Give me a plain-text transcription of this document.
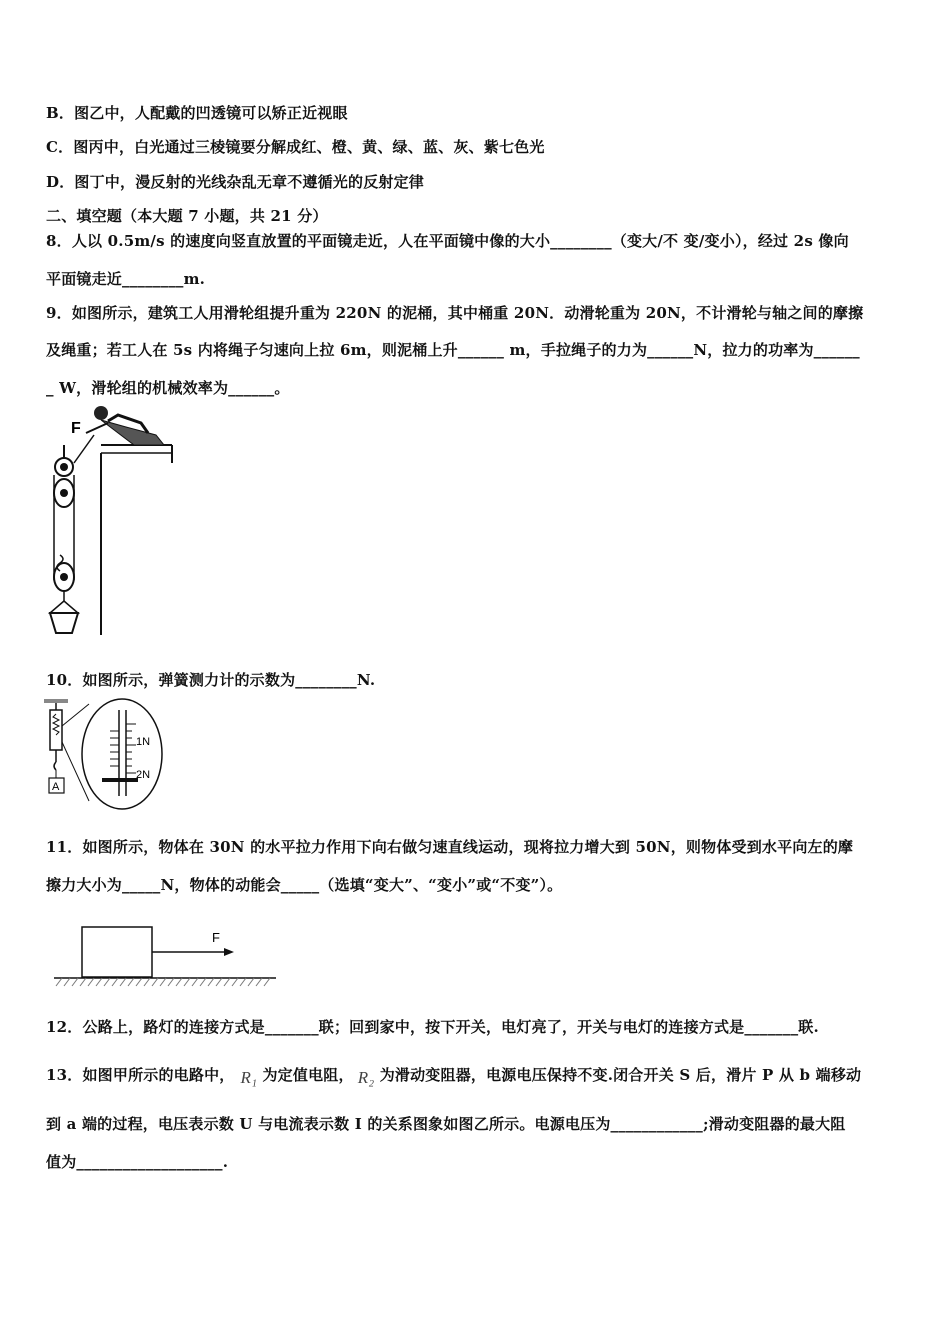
B．图乙中，人配戴的凹透镜可以矫正近视眼
C．图丙中，白光通过三棱镜要分解成红、橙、黄、绿、蓝、灰、紫七色光
D．图丁中，漫反射的光线杂乱无章不遵循光的反射定律
二、填空题（本大题 7 小题，共 21 分）
8．人以 0.5m/s 的速度向竖直放置的平面镜走近，人在平面镜中像的大小________（变大/不 变/变小），经过 2s 像向
平面镜走近________m.
9．如图所示，建筑工人用滑轮组提升重为 220N 的泥桶，其中桶重 20N．动滑轮重为 20N，不计滑轮与轴之间的摩擦
及绳重；若工人在 5s 内将绳子匀速向上拉 6m，则泥桶上升______ m，手拉绳子的力为______N，拉力的功率为______
_ W，滑轮组的机械效率为______。
F
10．如图所示，弹簧测力计的示数为________N.
A
1N
2N
11．如图所示，物体在 30N 的水平拉力作用下向右做匀速直线运动，现将拉力增大到 50N，则物体受到水平向左的摩
擦力大小为_____N，物体的动能会_____（选填“变大”、“变小”或“不变”）。
F
12．公路上，路灯的连接方式是_______联；回到家中，按下开关，电灯亮了，开关与电灯的连接方式是_______联.
13．如图甲所示的电路中， R₁ 为定值电阻， R₂ 为滑动变阻器，电源电压保持不变.闭合开关 S 后，滑片 P 从 b 端移动
到 a 端的过程，电压表示数 U 与电流表示数 I 的关系图象如图乙所示。电源电压为____________;滑动变阻器的最大阻
值为___________________.
